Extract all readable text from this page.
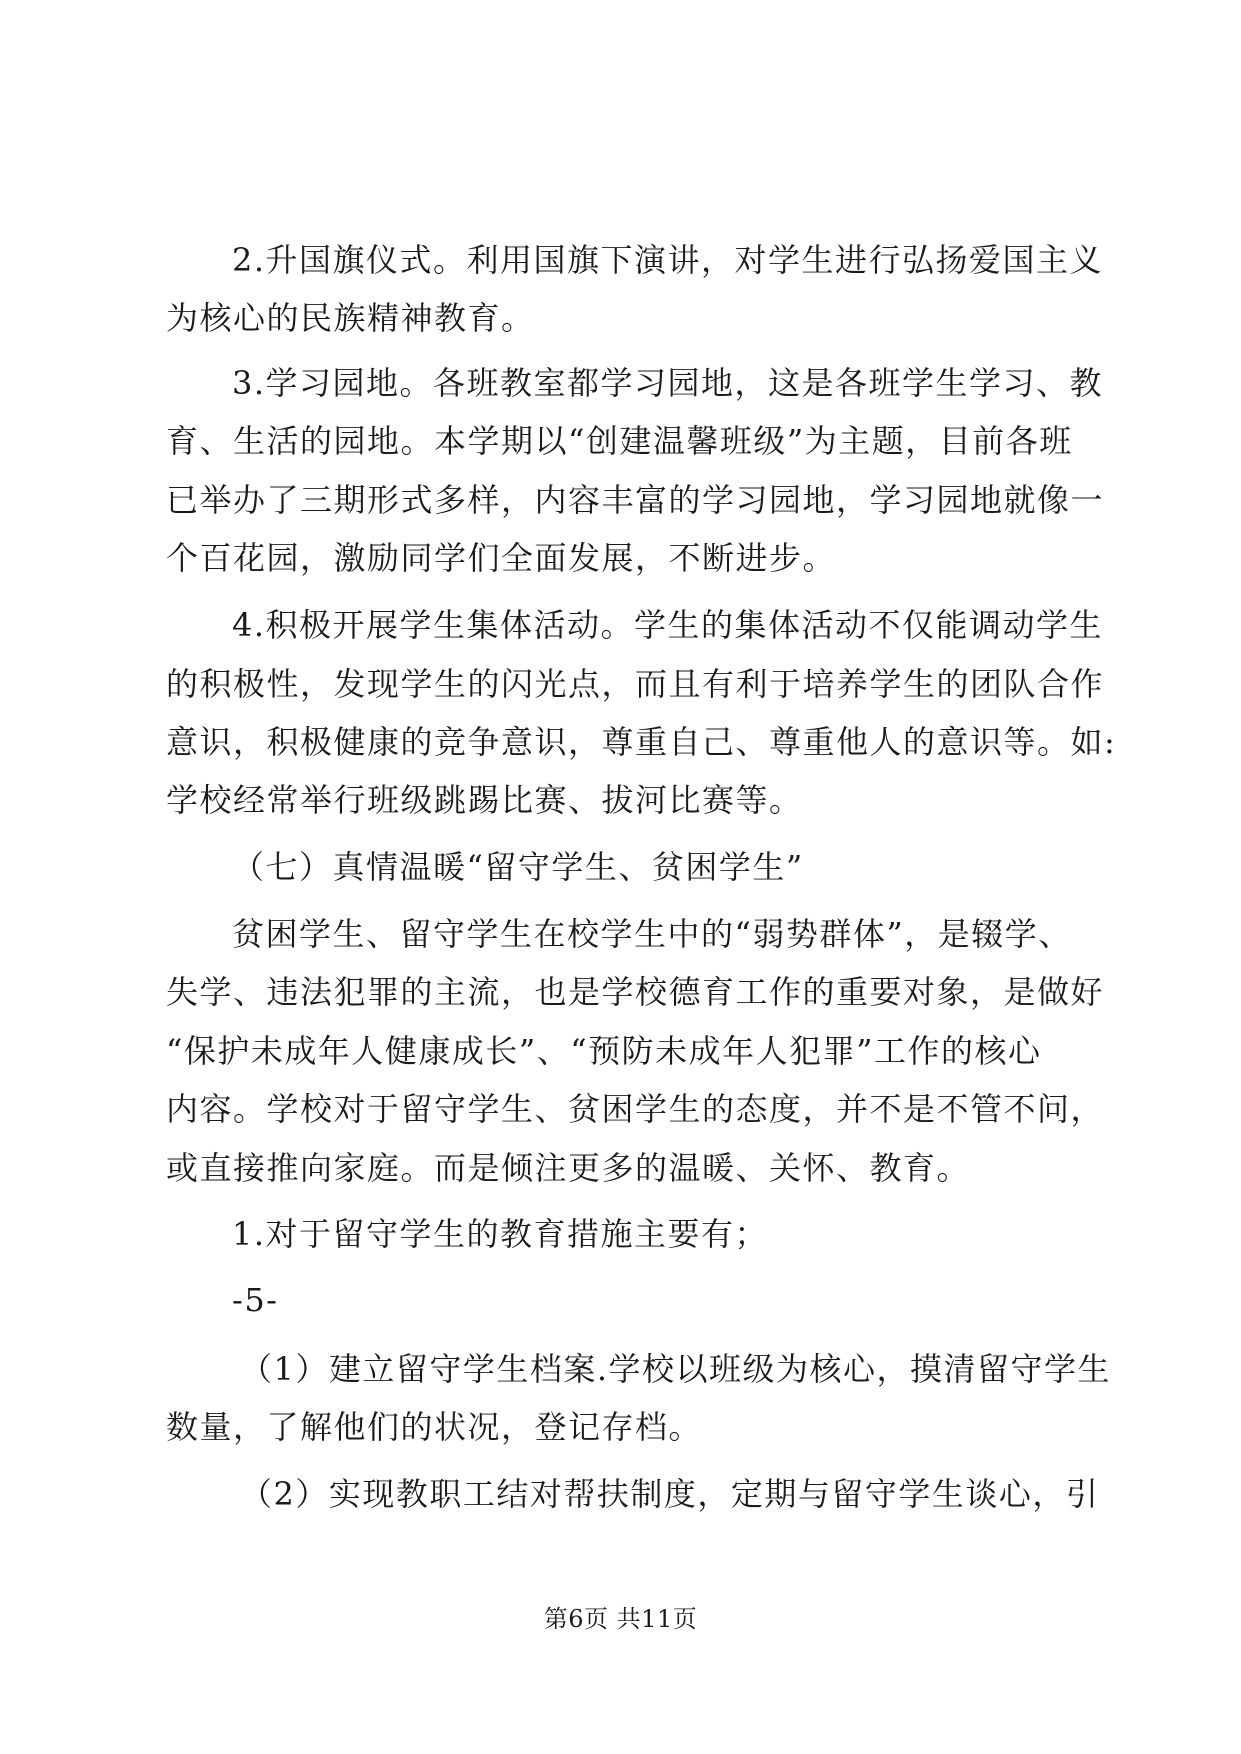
2.升国旗仪式。利用国旗下演讲，对学生进行弘扬爱国主义
为核心的民族精神教育。
3.学习园地。各班教室都学习园地，这是各班学生学习、教
育、生活的园地。本学期以“创建温馨班级”为主题，目前各班
已举办了三期形式多样，内容丰富的学习园地，学习园地就像一
个百花园，激励同学们全面发展，不断进步。
4.积极开展学生集体活动。学生的集体活动不仅能调动学生
的积极性，发现学生的闪光点，而且有利于培养学生的团队合作
意识，积极健康的竞争意识，尊重自己、尊重他人的意识等。如:
学校经常举行班级跳踢比赛、拔河比赛等。
（七）真情温暖“留守学生、贫困学生”
贫困学生、留守学生在校学生中的“弱势群体”，是辍学、
失学、违法犯罪的主流，也是学校德育工作的重要对象，是做好
“保护未成年人健康成长”、“预防未成年人犯罪”工作的核心
内容。学校对于留守学生、贫困学生的态度，并不是不管不问，
或直接推向家庭。而是倾注更多的温暖、关怀、教育。
1.对于留守学生的教育措施主要有；
-5-
（1）建立留守学生档案.学校以班级为核心，摸清留守学生
数量，了解他们的状况，登记存档。
（2）实现教职工结对帮扶制度，定期与留守学生谈心，引
第6页 共11页
